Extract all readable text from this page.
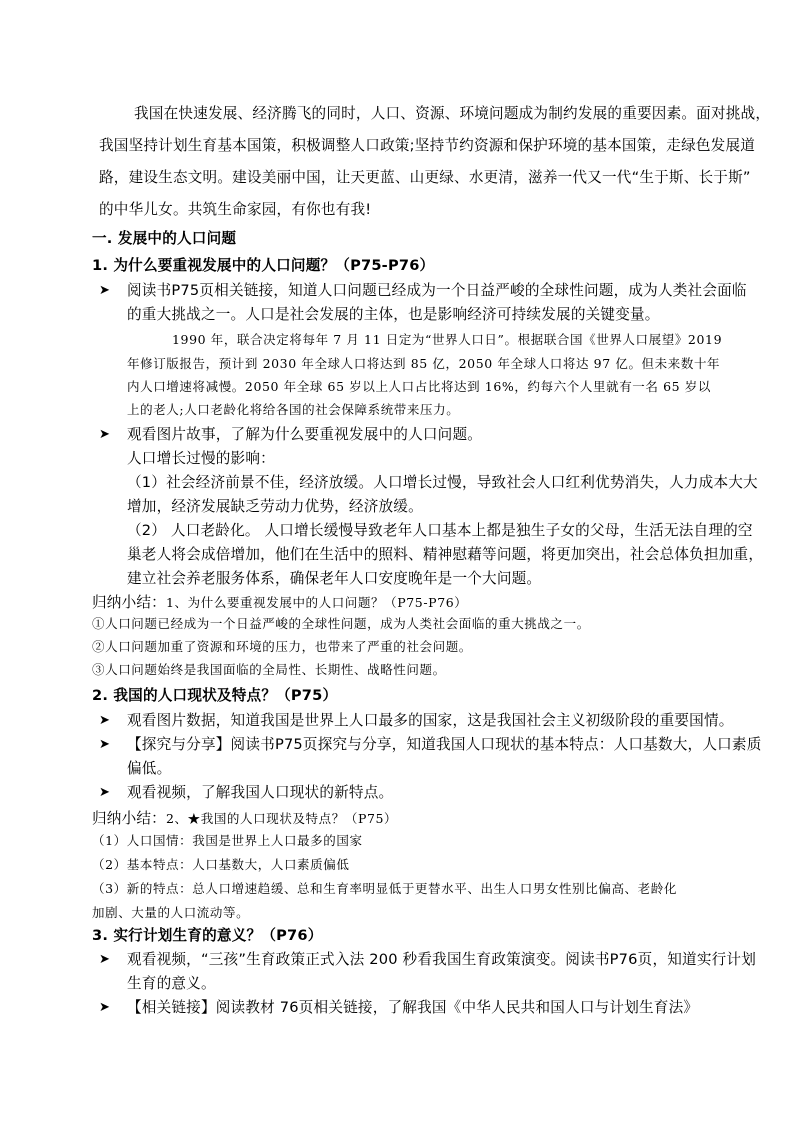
我国在快速发展、经济腾飞的同时，人口、资源、环境问题成为制约发展的重要因素。面对挑战，
我国坚持计划生育基本国策，积极调整人口政策;坚持节约资源和保护环境的基本国策，走绿色发展道
路，建设生态文明。建设美丽中国，让天更蓝、山更绿、水更清，滋养一代又一代“生于斯、长于斯”
的中华儿女。共筑生命家园，有你也有我!
一. 发展中的人口问题
1. 为什么要重视发展中的人口问题？（P75-P76）
➤ 阅读书P75页相关链接，知道人口问题已经成为一个日益严峻的全球性问题，成为人类社会面临
的重大挑战之一。人口是社会发展的主体，也是影响经济可持续发展的关键变量。
1990 年，联合决定将每年 7 月 11 日定为“世界人口日”。根据联合国《世界人口展望》2019
年修订版报告，预计到 2030 年全球人口将达到 85 亿，2050 年全球人口将达 97 亿。但未来数十年
内人口增速将减慢。2050 年全球 65 岁以上人口占比将达到 16%，约每六个人里就有一名 65 岁以
上的老人;人口老龄化将给各国的社会保障系统带来压力。
➤ 观看图片故事，了解为什么要重视发展中的人口问题。
人口增长过慢的影响：
（1）社会经济前景不佳，经济放缓。人口增长过慢，导致社会人口红利优势消失，人力成本大大
增加，经济发展缺乏劳动力优势，经济放缓。
（2） 人口老龄化。 人口增长缓慢导致老年人口基本上都是独生子女的父母，生活无法自理的空
巢老人将会成倍增加，他们在生活中的照料、精神慰藉等问题，将更加突出，社会总体负担加重，
建立社会养老服务体系，确保老年人口安度晚年是一个大问题。
归纳小结：1、为什么要重视发展中的人口问题？（P75-P76）
①人口问题已经成为一个日益严峻的全球性问题，成为人类社会面临的重大挑战之一。
②人口问题加重了资源和环境的压力，也带来了严重的社会问题。
③人口问题始终是我国面临的全局性、长期性、战略性问题。
2. 我国的人口现状及特点？（P75）
➤ 观看图片数据，知道我国是世界上人口最多的国家，这是我国社会主义初级阶段的重要国情。
➤ 【探究与分享】阅读书P75页探究与分享，知道我国人口现状的基本特点：人口基数大，人口素质
偏低。
➤ 观看视频，了解我国人口现状的新特点。
归纳小结：2、★我国的人口现状及特点？（P75）
（1）人口国情：我国是世界上人口最多的国家
（2）基本特点：人口基数大，人口素质偏低
（3）新的特点：总人口增速趋缓、总和生育率明显低于更替水平、出生人口男女性别比偏高、老龄化
加剧、大量的人口流动等。
3. 实行计划生育的意义？（P76）
➤ 观看视频，“三孩”生育政策正式入法 200 秒看我国生育政策演变。阅读书P76页，知道实行计划
生育的意义。
➤ 【相关链接】阅读教材 76页相关链接，了解我国《中华人民共和国人口与计划生育法》
